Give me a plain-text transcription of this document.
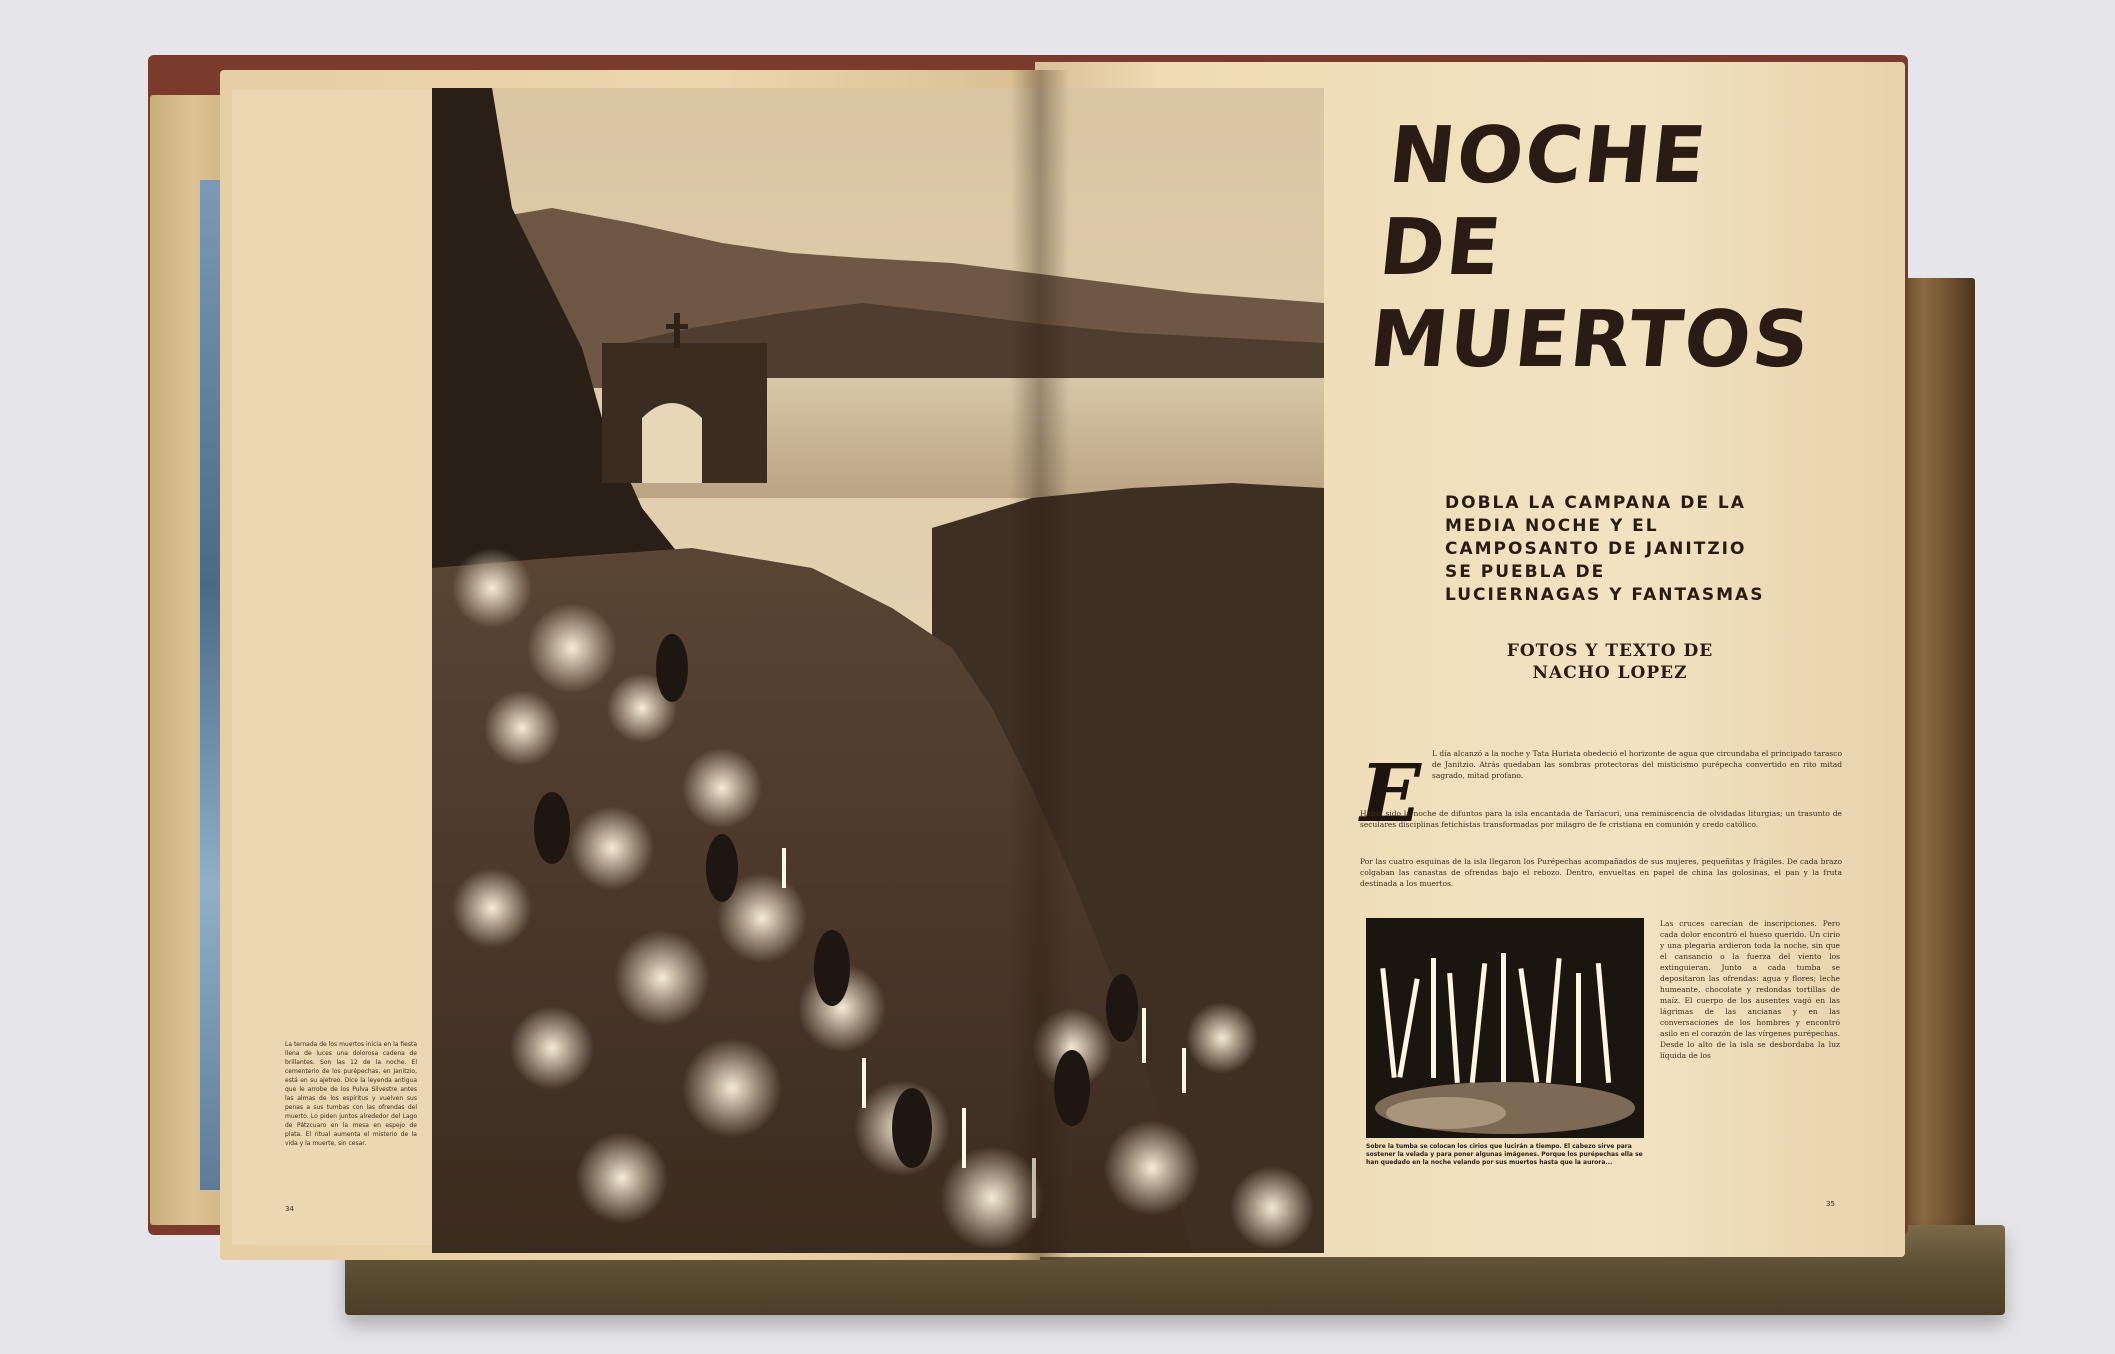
La ternada de los muertos inicia en la fiesta llena de luces una dolorosa cadena de brillantes. Son las 12 de la noche. El cementerio de los purépechas, en Janitzio, está en su ajetreo. Dice la leyenda antigua que le arrobe de los Pulva Silvestre antes las almas de los espíritus y vuelven sus penas a sus tumbas con las ofrendas del muerto. Lo piden juntos alrededor del Lago de Pátzcuaro en la mesa en espejo de plata. El ritual aumenta el misterio de la vida y la muerte, sin cesar.
34
NOCHE
DE
MUERTOS
DOBLA LA CAMPANA DE LA MEDIA NOCHE Y EL CAMPOSANTO DE JANITZIO SE PUEBLA DE LUCIERNAGAS Y FANTASMAS
FOTOS Y TEXTO DE
NACHO LOPEZ
E	L día alcanzó a la noche y Tata Huriata obedeció el horizonte de agua que circundaba el principado tarasco de Janitzio. Atrás quedaban las sombras protectoras del misticismo purépecha convertido en rito mitad sagrado, mitad profano.
Había sido la noche de difuntos para la isla encantada de Taríacuri, una reminiscencia de olvidadas liturgias; un trasunto de seculares disciplinas fetichistas transformadas por milagro de fe cristiana en comunión y credo católico.
Por las cuatro esquinas de la isla llegaron los Purépechas acompañados de sus mujeres, pequeñitas y frágiles. De cada brazo colgaban las canastas de ofrendas bajo el rebozo. Dentro, envueltas en papel de china las golosinas, el pan y la fruta destinada a los muertos.
Sobre la tumba se colocan los cirios que lucirán a tiempo. El cabezo sirve para sostener la velada y para poner algunas imágenes. Porque los purépechas ella se han quedado en la noche velando por sus muertos hasta que la aurora...
Las cruces carecían de inscripciones. Pero cada dolor encontró el hueso querido. Un cirio y una plegaria ardieron toda la noche, sin que el cansancio o la fuerza del viento los extinguieran. Junto a cada tumba se depositaron las ofrendas: agua y flores; leche humeante, chocolate y redondas tortillas de maíz. El cuerpo de los ausentes vagó en las lágrimas de las ancianas y en las conversaciones de los hombres y encontró asilo en el corazón de las vírgenes purépechas. Desde lo alto de la isla se desbordaba la luz líquida de los
35
